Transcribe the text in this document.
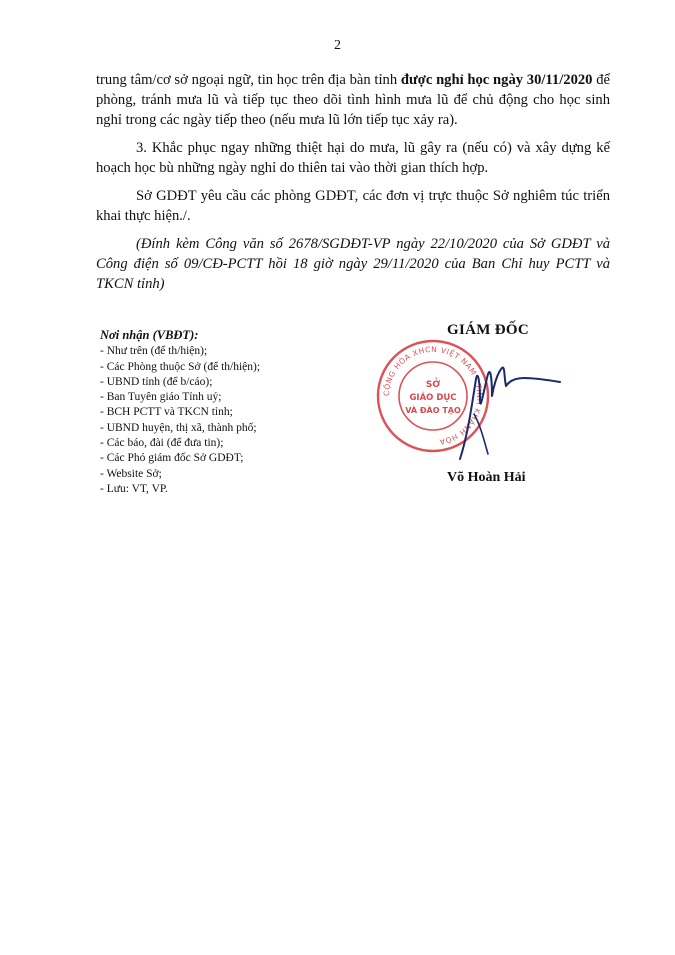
2

trung tâm/cơ sở ngoại ngữ, tin học trên địa bàn tỉnh được nghỉ học ngày 30/11/2020 để phòng, tránh mưa lũ và tiếp tục theo dõi tình hình mưa lũ để chủ động cho học sinh nghỉ trong các ngày tiếp theo (nếu mưa lũ lớn tiếp tục xảy ra).

3. Khắc phục ngay những thiệt hại do mưa, lũ gây ra (nếu có) và xây dựng kế hoạch học bù những ngày nghỉ do thiên tai vào thời gian thích hợp.

Sở GDĐT yêu cầu các phòng GDĐT, các đơn vị trực thuộc Sở nghiêm túc triển khai thực hiện./.

(Đính kèm Công văn số 2678/SGDĐT-VP ngày 22/10/2020 của Sở GDĐT và Công điện số 09/CĐ-PCTT hồi 18 giờ ngày 29/11/2020 của Ban Chỉ huy PCTT và TKCN tỉnh)

Nơi nhận (VBĐT):
- Như trên (để th/hiện);
- Các Phòng thuộc Sở (để th/hiện);
- UBND tỉnh (để b/cáo);
- Ban Tuyên giáo Tỉnh uỷ;
- BCH PCTT và TKCN tỉnh;
- UBND huyện, thị xã, thành phố;
- Các báo, đài (để đưa tin);
- Các Phó giám đốc Sở GDĐT;
- Website Sở;
- Lưu: VT, VP.
GIÁM ĐỐC
CỘNG HÒA XHCN VIỆT NAM · TỈNH KHÁNH HÒA
SỞ
GIÁO DỤC
VÀ ĐÀO TẠO
Võ Hoàn Hải
